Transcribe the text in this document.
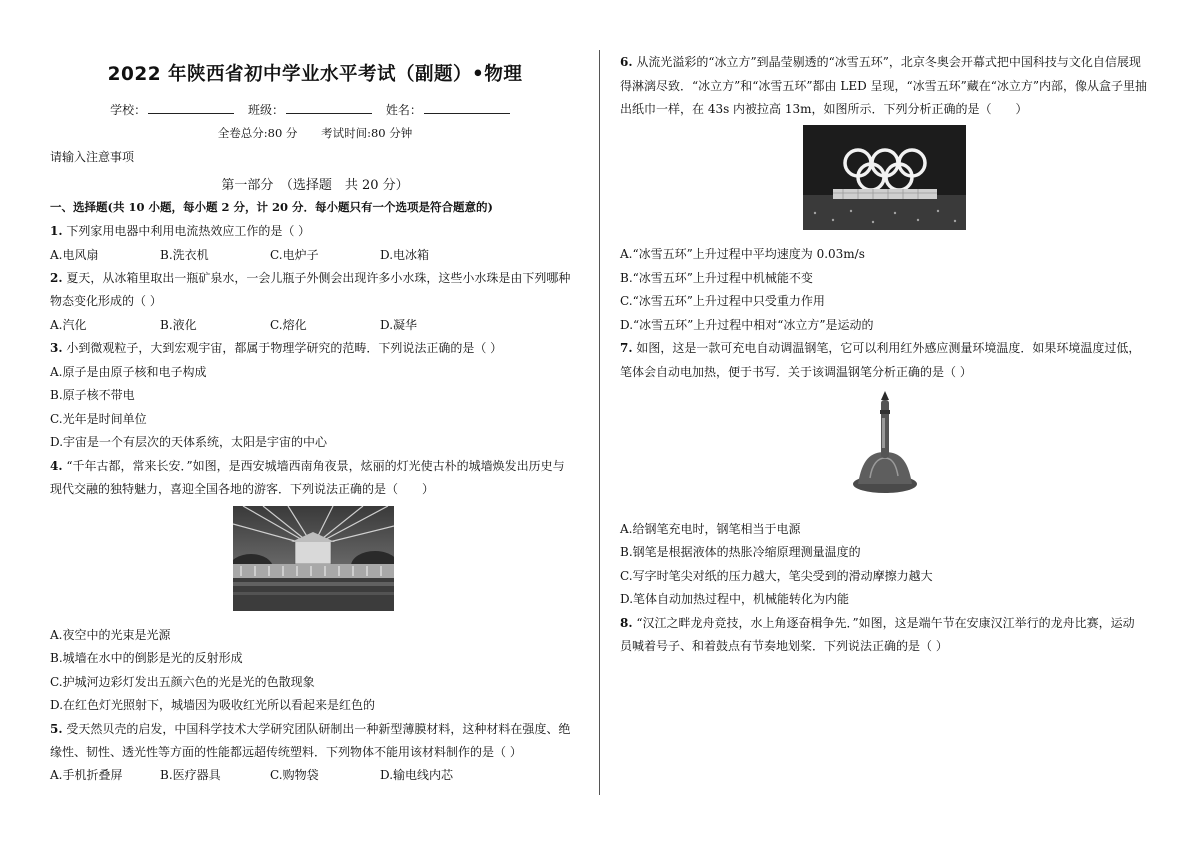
2022 年陕西省初中学业水平考试（副题）•物理
学校：	班级：	姓名：
全卷总分:80 分 考试时间:80 分钟
请输入注意事项
第一部分　（选择题　共 20 分）
一、选择题(共 10 小题，每小题 2 分，计 20 分．每小题只有一个选项是符合题意的)
1. 下列家用电器中利用电流热效应工作的是（ ）
A.电风扇	B.洗衣机	C.电炉子	D.电冰箱
2. 夏天，从冰箱里取出一瓶矿泉水，一会儿瓶子外侧会出现许多小水珠，这些小水珠是由下列哪种
物态变化形成的（ ）
A.汽化	B.液化	C.熔化	D.凝华
3. 小到微观粒子，大到宏观宇宙，都属于物理学研究的范畴．下列说法正确的是（ ）
A.原子是由原子核和电子构成
B.原子核不带电
C.光年是时间单位
D.宇宙是一个有层次的天体系统，太阳是宇宙的中心
4. “千年古都，常来长安．”如图，是西安城墙西南角夜景，炫丽的灯光使古朴的城墙焕发出历史与
现代交融的独特魅力，喜迎全国各地的游客．下列说法正确的是（　　）
A.夜空中的光束是光源
B.城墙在水中的倒影是光的反射形成
C.护城河边彩灯发出五颜六色的光是光的色散现象
D.在红色灯光照射下，城墙因为吸收红光所以看起来是红色的
5. 受天然贝壳的启发，中国科学技术大学研究团队研制出一种新型薄膜材料，这种材料在强度、绝
缘性、韧性、透光性等方面的性能都远超传统塑料．下列物体不能用该材料制作的是（ ）
A.手机折叠屏	B.医疗器具	C.购物袋	D.输电线内芯
6. 从流光溢彩的“冰立方”到晶莹剔透的“冰雪五环”，北京冬奥会开幕式把中国科技与文化自信展现
得淋漓尽致．“冰立方”和“冰雪五环”都由 LED 呈现，“冰雪五环”藏在“冰立方”内部，像从盒子里抽
出纸巾一样，在 43s 内被拉高 13m，如图所示．下列分析正确的是（　　）
A.“冰雪五环”上升过程中平均速度为 0.03m/s
B.“冰雪五环”上升过程中机械能不变
C.“冰雪五环”上升过程中只受重力作用
D.“冰雪五环”上升过程中相对“冰立方”是运动的
7. 如图，这是一款可充电自动调温钢笔，它可以利用红外感应测量环境温度．如果环境温度过低，
笔体会自动电加热，便于书写．关于该调温钢笔分析正确的是（ ）
A.给钢笔充电时，钢笔相当于电源
B.钢笔是根据液体的热胀冷缩原理测量温度的
C.写字时笔尖对纸的压力越大，笔尖受到的滑动摩擦力越大
D.笔体自动加热过程中，机械能转化为内能
8. “汉江之畔龙舟竞技，水上角逐奋楫争先．”如图，这是端午节在安康汉江举行的龙舟比赛，运动
员喊着号子、和着鼓点有节奏地划桨．下列说法正确的是（ ）
